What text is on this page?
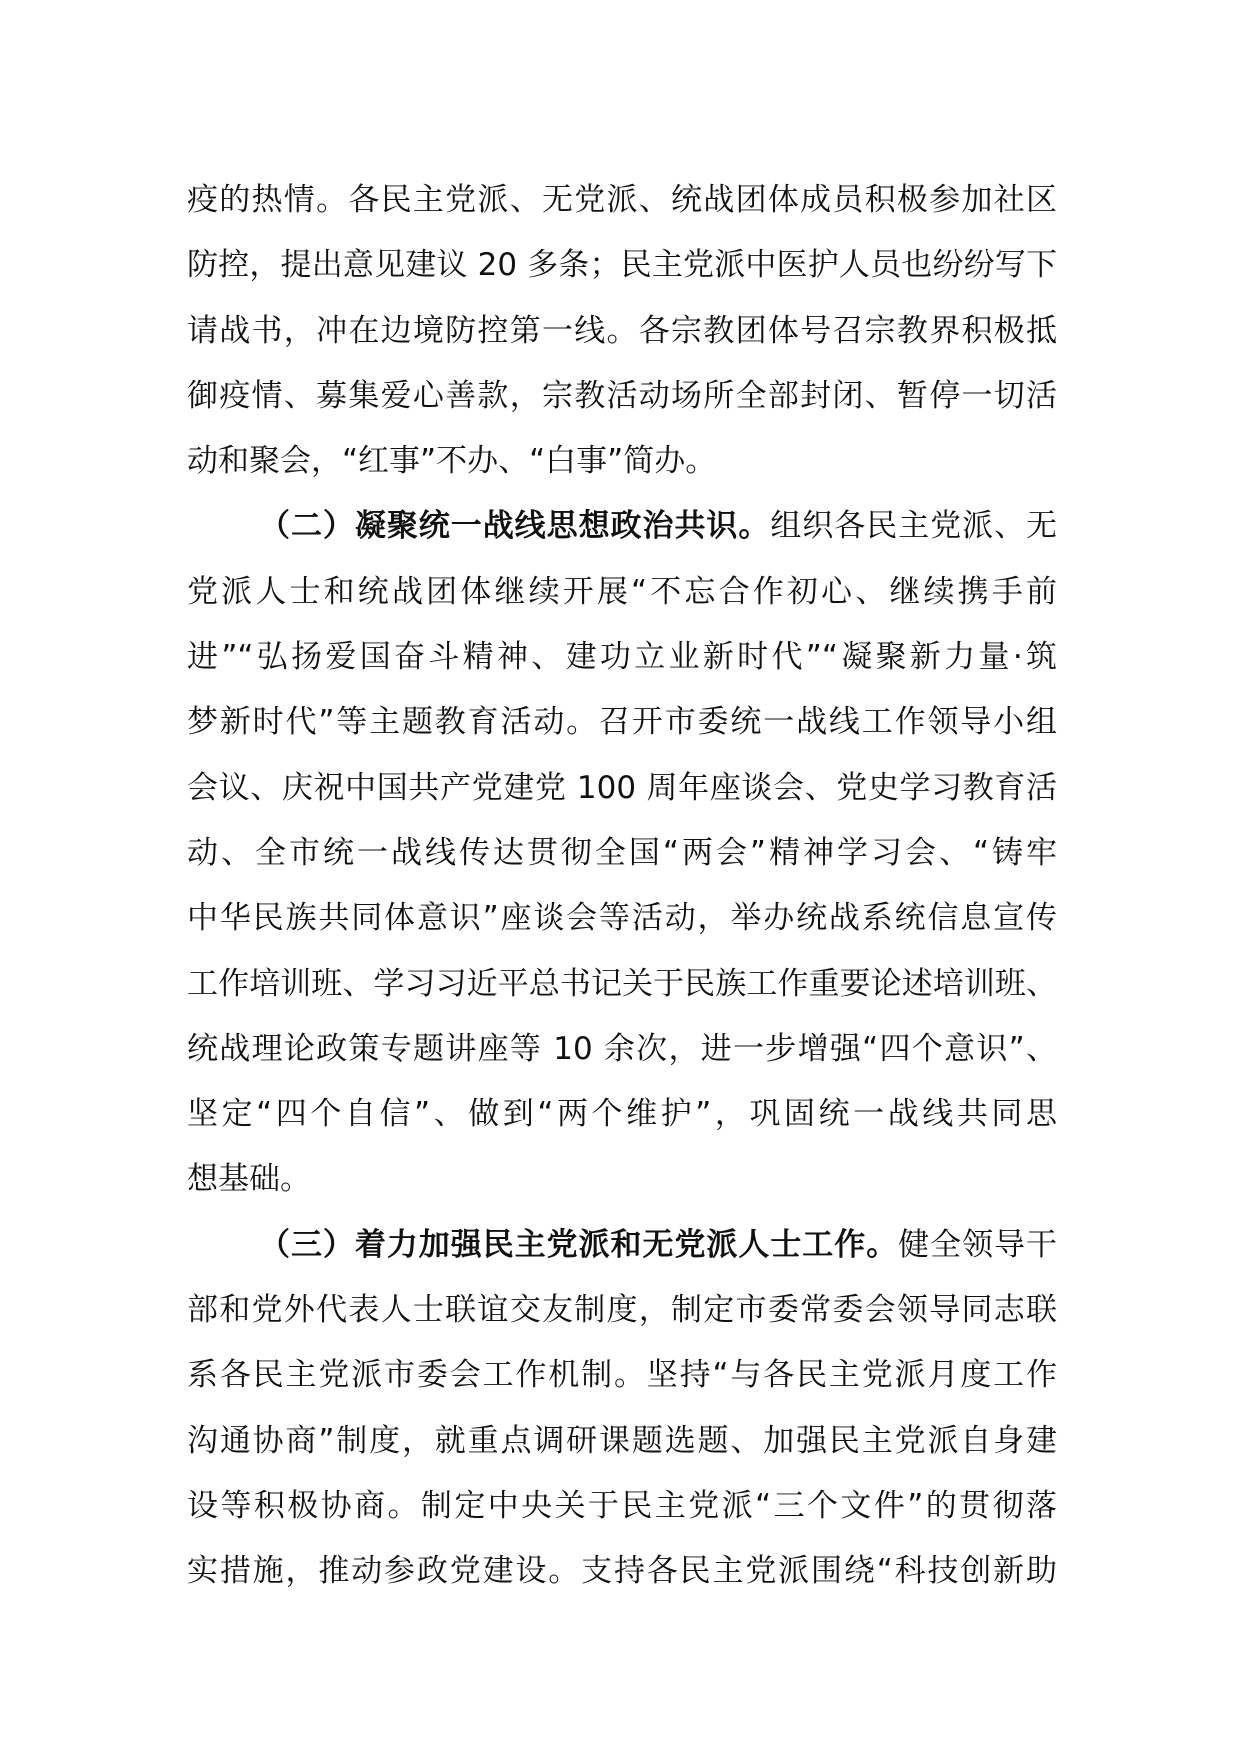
疫的热情。各民主党派、无党派、统战团体成员积极参加社区
防控，提出意见建议 20 多条；民主党派中医护人员也纷纷写下
请战书，冲在边境防控第一线。各宗教团体号召宗教界积极抵
御疫情、募集爱心善款，宗教活动场所全部封闭、暂停一切活
动和聚会，“红事”不办、“白事”简办。
（二）凝聚统一战线思想政治共识。组织各民主党派、无
党派人士和统战团体继续开展“不忘合作初心、继续携手前
进”“弘扬爱国奋斗精神、建功立业新时代”“凝聚新力量·筑
梦新时代”等主题教育活动。召开市委统一战线工作领导小组
会议、庆祝中国共产党建党 100 周年座谈会、党史学习教育活
动、全市统一战线传达贯彻全国“两会”精神学习会、“铸牢
中华民族共同体意识”座谈会等活动，举办统战系统信息宣传
工作培训班、学习习近平总书记关于民族工作重要论述培训班、
统战理论政策专题讲座等 10 余次，进一步增强“四个意识”、
坚定“四个自信”、做到“两个维护”，巩固统一战线共同思
想基础。
（三）着力加强民主党派和无党派人士工作。健全领导干
部和党外代表人士联谊交友制度，制定市委常委会领导同志联
系各民主党派市委会工作机制。坚持“与各民主党派月度工作
沟通协商”制度，就重点调研课题选题、加强民主党派自身建
设等积极协商。制定中央关于民主党派“三个文件”的贯彻落
实措施，推动参政党建设。支持各民主党派围绕“科技创新助
